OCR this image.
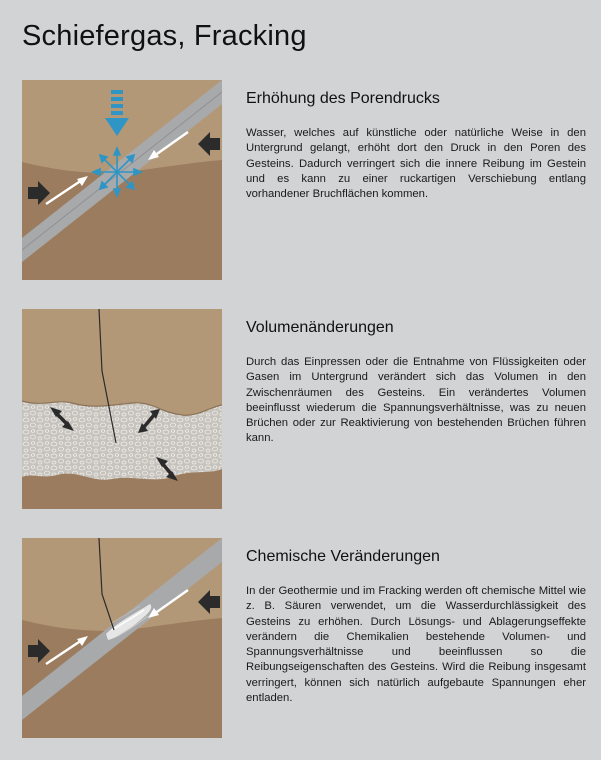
Schiefergas, Fracking
Erhöhung des Porendrucks

Wasser, welches auf künstliche oder natürliche Weise in den Untergrund gelangt, erhöht dort den Druck in den Poren des Gesteins. Dadurch verringert sich die innere Reibung im Gestein und es kann zu einer ruckartigen Verschiebung entlang vorhandener Bruchflächen kommen.

Volumenänderungen

Durch das Einpressen oder die Entnahme von Flüssigkeiten oder Gasen im Untergrund verändert sich das Volumen in den Zwischenräumen des Gesteins. Ein verändertes Volumen beeinflusst wiederum die Spannungsverhältnisse, was zu neuen Brüchen oder zur Reaktivierung von bestehenden Brüchen führen kann.

Chemische Veränderungen

In der Geothermie und im Fracking werden oft chemische Mittel wie z. B. Säuren verwendet, um die Wasserdurchlässigkeit des Gesteins zu erhöhen. Durch Lösungs- und Ablagerungseffekte verändern die Chemikalien bestehende Volumen- und Spannungsverhältnisse und beeinflussen so die Reibungseigenschaften des Gesteins. Wird die Reibung insgesamt verringert, können sich natürlich aufgebaute Spannungen eher entladen.
